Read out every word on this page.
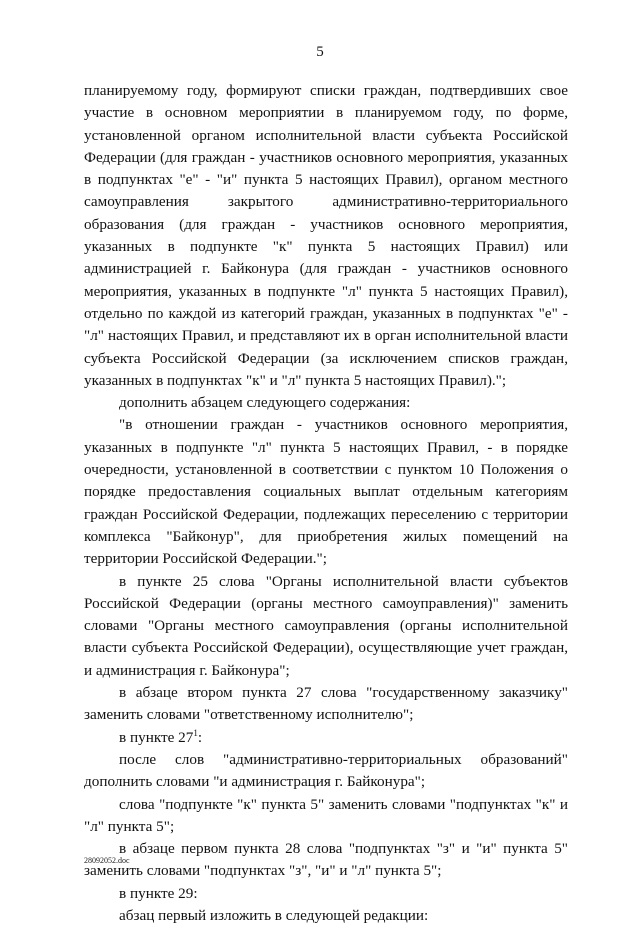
5

планируемому году, формируют списки граждан, подтвердивших свое участие в основном мероприятии в планируемом году, по форме, установленной органом исполнительной власти субъекта Российской Федерации (для граждан - участников основного мероприятия, указанных в подпунктах "е" - "и" пункта 5 настоящих Правил), органом местного самоуправления закрытого административно-территориального образования (для граждан - участников основного мероприятия, указанных в подпункте "к" пункта 5 настоящих Правил) или администрацией г. Байконура (для граждан - участников основного мероприятия, указанных в подпункте "л" пункта 5 настоящих Правил), отдельно по каждой из категорий граждан, указанных в подпунктах "е" - "л" настоящих Правил, и представляют их в орган исполнительной власти субъекта Российской Федерации (за исключением списков граждан, указанных в подпунктах "к" и "л" пункта 5 настоящих Правил).";

дополнить абзацем следующего содержания:

"в отношении граждан - участников основного мероприятия, указанных в подпункте "л" пункта 5 настоящих Правил, - в порядке очередности, установленной в соответствии с пунктом 10 Положения о порядке предоставления социальных выплат отдельным категориям граждан Российской Федерации, подлежащих переселению с территории комплекса "Байконур", для приобретения жилых помещений на территории Российской Федерации.";

в пункте 25 слова "Органы исполнительной власти субъектов Российской Федерации (органы местного самоуправления)" заменить словами "Органы местного самоуправления (органы исполнительной власти субъекта Российской Федерации), осуществляющие учет граждан, и администрация г. Байконура";

в абзаце втором пункта 27 слова "государственному заказчику" заменить словами "ответственному исполнителю";

в пункте $27^1$:

после слов "административно-территориальных образований" дополнить словами "и администрация г. Байконура";

слова "подпункте "к" пункта 5" заменить словами "подпунктах "к" и "л" пункта 5";

в абзаце первом пункта 28 слова "подпунктах "з" и "и" пункта 5" заменить словами "подпунктах "з", "и" и "л" пункта 5";

в пункте 29:

абзац первый изложить в следующей редакции:

28092052.doc
